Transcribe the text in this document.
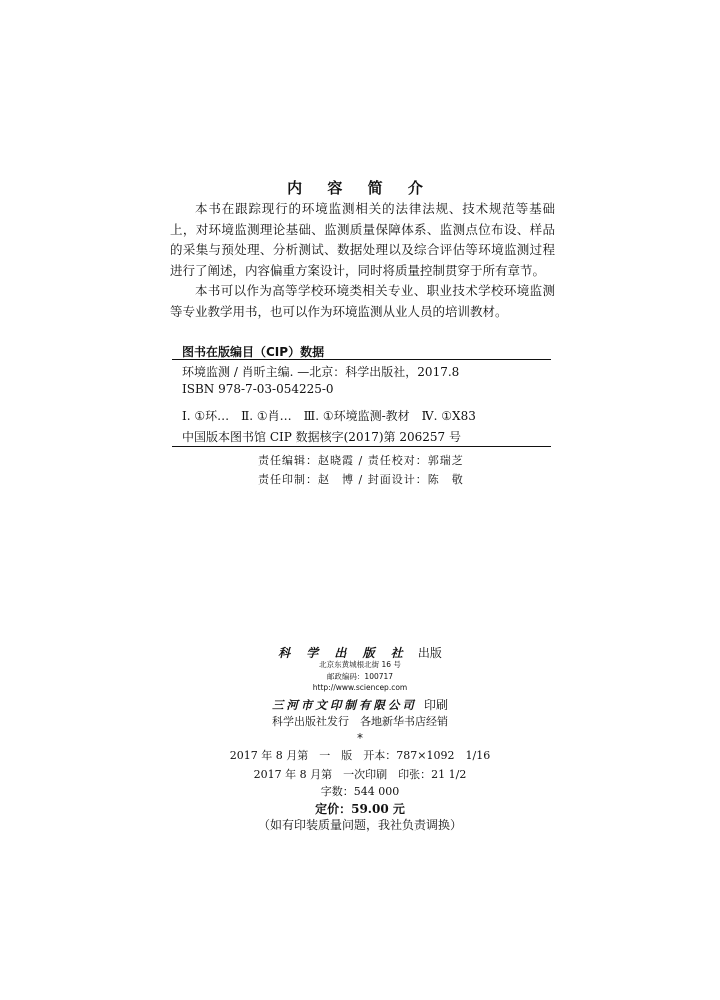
内 容 简 介

本书在跟踪现行的环境监测相关的法律法规、技术规范等基础上，对环境监测理论基础、监测质量保障体系、监测点位布设、样品的采集与预处理、分析测试、数据处理以及综合评估等环境监测过程进行了阐述，内容偏重方案设计，同时将质量控制贯穿于所有章节。

本书可以作为高等学校环境类相关专业、职业技术学校环境监测等专业教学用书，也可以作为环境监测从业人员的培训教材。

图书在版编目（CIP）数据
环境监测 / 肖昕主编. —北京：科学出版社，2017.8
ISBN 978-7-03-054225-0
Ⅰ. ①环…　Ⅱ. ①肖…　Ⅲ. ①环境监测-教材　Ⅳ. ①X83
中国版本图书馆 CIP 数据核字(2017)第 206257 号
责任编辑：赵晓霞 / 责任校对：郭瑞芝
责任印制：赵　博 / 封面设计：陈　敬
科 学 出 版 社 出版
北京东黄城根北街 16 号
邮政编码：100717
http://www.sciencep.com
三河市文印制有限公司 印刷
科学出版社发行　各地新华书店经销
*
2017 年 8 月第　一　版　开本：787×1092　1/16
2017 年 8 月第　一次印刷　印张：21 1/2
字数：544 000
定价：59.00 元
（如有印装质量问题，我社负责调换）
